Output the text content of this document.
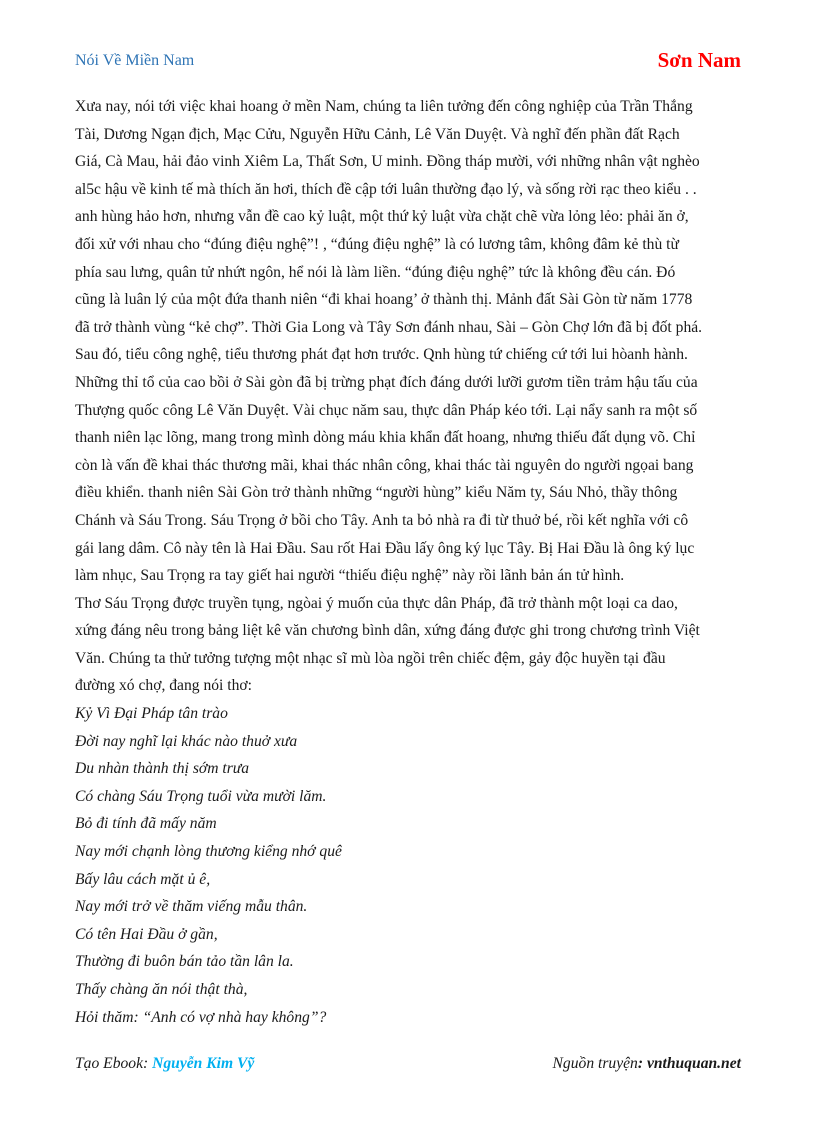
Nói Về Miền Nam	Sơn Nam

Xưa nay, nói tới việc khai hoang ở mền Nam, chúng ta liên tưởng đến công nghiệp của Trần Thắng

Tài, Dương Ngạn địch, Mạc Cửu, Nguyễn Hữu Cảnh, Lê Văn Duyệt. Và nghĩ đến phần đất Rạch

Giá, Cà Mau, hải đảo vinh Xiêm La, Thất Sơn, U minh. Đồng tháp mười, với những nhân vật nghèo

al5c hậu về kinh tế mà thích ăn hơi, thích đề cập tới luân thường đạo lý, và sống rời rạc theo kiểu . .

anh hùng hảo hơn, nhưng vẫn đề cao kỷ luật, một thứ kỷ luật vừa chặt chẽ vừa lỏng lẻo: phải ăn ở,

đối xử với nhau cho “đúng điệu nghệ”! , “đúng điệu nghệ” là có lương tâm, không đâm kẻ thù từ

phía sau lưng, quân tử nhứt ngôn, hể nói là làm liền. “đúng điệu nghệ” tức là không đều cán. Đó

cũng là luân lý của một đứa thanh niên “đi khai hoang’ ở thành thị. Mảnh đất Sài Gòn từ năm 1778

đã trở thành vùng “kẻ chợ”. Thời Gia Long và Tây Sơn đánh nhau, Sài – Gòn Chợ lớn đã bị đốt phá.

Sau đó, tiểu công nghệ, tiểu thương phát đạt hơn trước. Qnh hùng tứ chiếng cứ tới lui hòanh hành.

Những thỉ tổ của cao bồi ở Sài gòn đã bị trừng phạt đích đáng dưới lưỡi gươm tiền trảm hậu tấu của

Thượng quốc công Lê Văn Duyệt. Vài chục năm sau, thực dân Pháp kéo tới. Lại nẩy sanh ra một số

thanh niên lạc lõng, mang trong mình dòng máu khia khẩn đất hoang, nhưng thiếu đất dụng võ. Chỉ

còn là vấn đề khai thác thương mãi, khai thác nhân công, khai thác tài nguyên do người ngọai bang

điều khiển. thanh niên Sài Gòn trở thành những “người hùng” kiểu Năm ty, Sáu Nhỏ, thầy thông

Chánh và Sáu Trong. Sáu Trọng ở bồi cho Tây. Anh ta bỏ nhà ra đi từ thuở bé, rồi kết nghĩa với cô

gái lang dâm. Cô này tên là Hai Đầu. Sau rốt Hai Đầu lấy ông ký lục Tây. Bị Hai Đầu là ông ký lục

làm nhục, Sau Trọng ra tay giết hai người “thiếu điệu nghệ” này rồi lãnh bản án tử hình.

Thơ Sáu Trọng được truyền tụng, ngòai ý muốn của thực dân Pháp, đã trở thành một loại ca dao,

xứng đáng nêu trong bảng liệt kê văn chương bình dân, xứng đáng được ghi trong chương trình Việt

Văn. Chúng ta thử tưởng tượng một nhạc sĩ mù lòa ngồi trên chiếc đệm, gảy độc huyền tại đầu

đường xó chợ, đang nói thơ:

Kỷ Vì Đại Pháp tân trào

Đời nay nghĩ lại khác nào thuở xưa

Du nhàn thành thị sớm trưa

Có chàng Sáu Trọng tuổi vừa mười lăm.

Bỏ đi tính đã mấy năm

Nay mới chạnh lòng thương kiểng nhớ quê

Bấy lâu cách mặt ủ ê,

Nay mới trở về thăm viếng mẫu thân.

Có tên Hai Đầu ở gần,

Thường đi buôn bán tảo tần lân la.

Thấy chàng ăn nói thật thà,

Hỏi thăm: “Anh có vợ nhà hay không”?

Tạo Ebook: Nguyễn Kim Vỹ	Nguồn truyện: vnthuquan.net
